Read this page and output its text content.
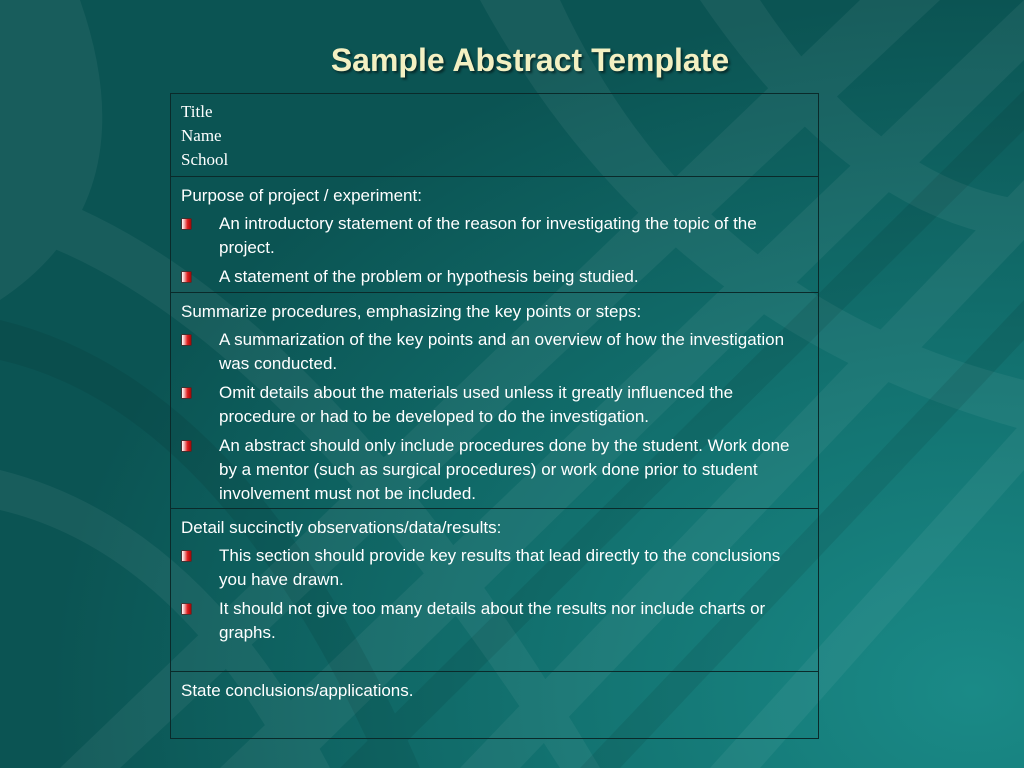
Sample Abstract Template
Title
Name
School
Purpose of project / experiment:
An introductory statement of the reason for investigating the topic of the project.
A statement of the problem or hypothesis being studied.
Summarize procedures, emphasizing the key points or steps:
A summarization of the key points and an overview of how the investigation was conducted.
Omit details about the materials used unless it greatly influenced the procedure or had to be developed to do the investigation.
An abstract should only include procedures done by the student. Work done by a mentor (such as surgical procedures) or work done prior to student involvement must not be included.
Detail succinctly observations/data/results:
This section should provide key results that lead directly to the conclusions you have drawn.
It should not give too many details about the results nor include charts or graphs.
State conclusions/applications.
